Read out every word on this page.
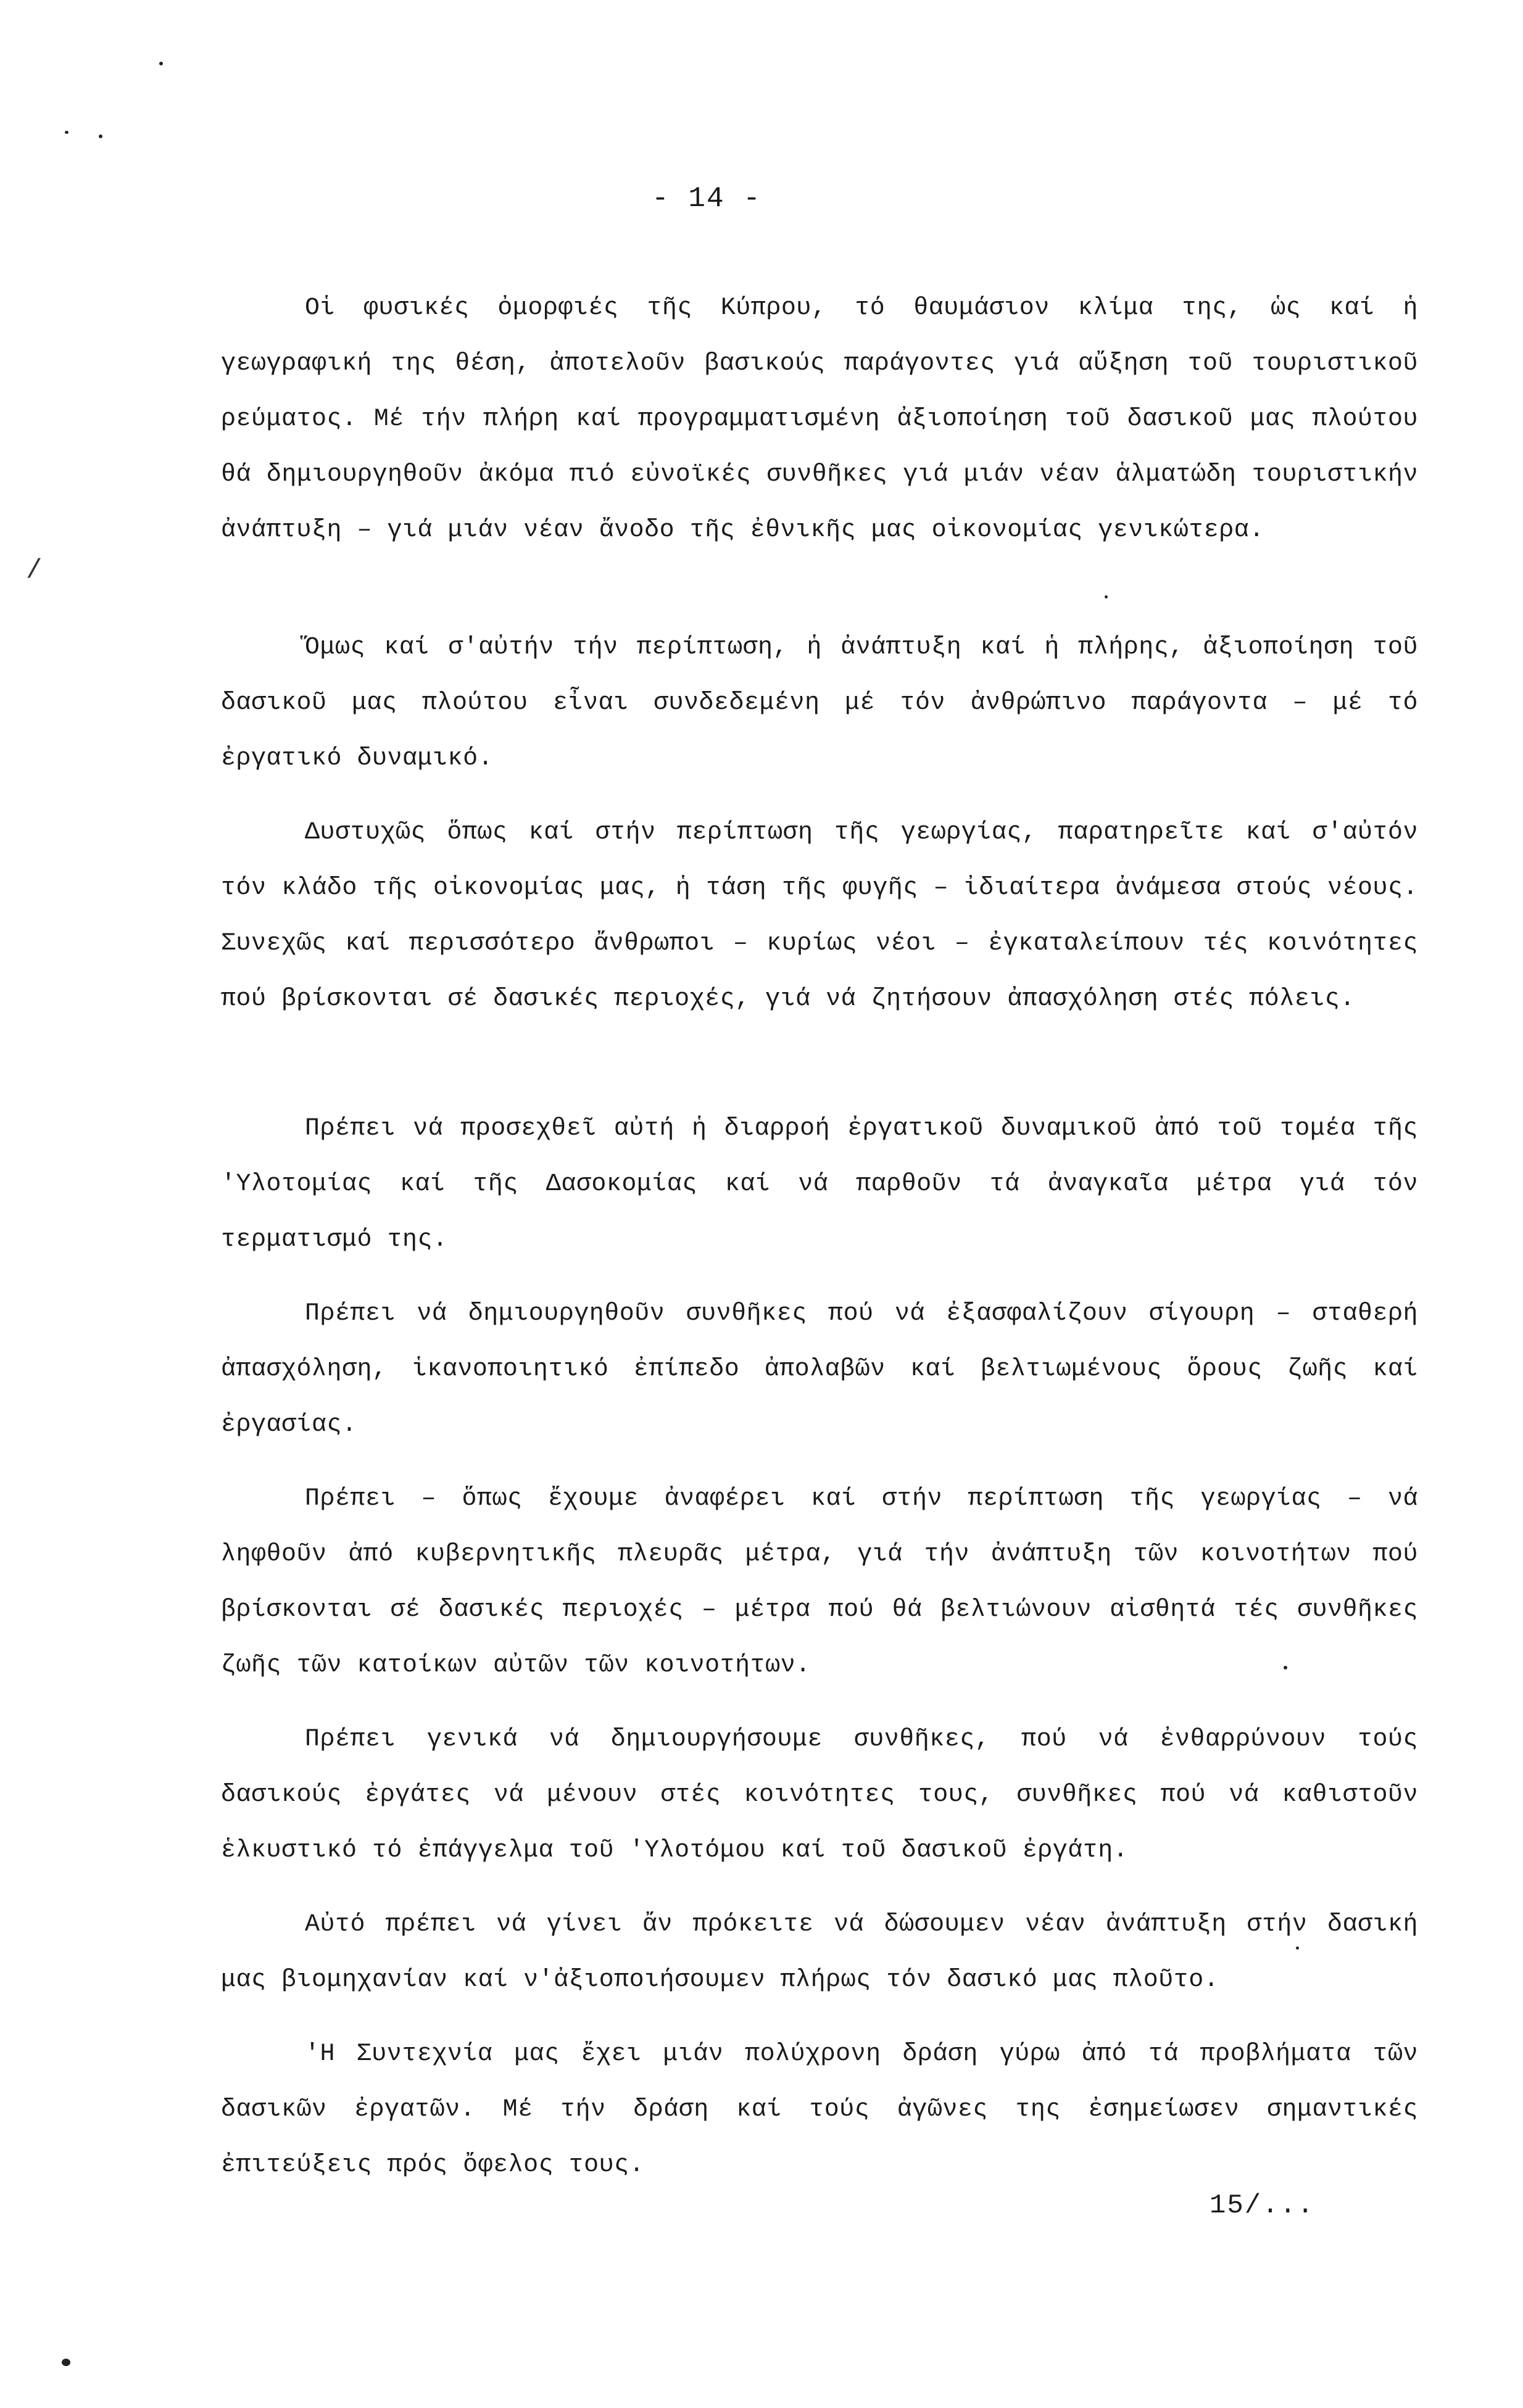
- 14 -
/

Οἱ φυσικές ὀμορφιές τῆς Κύπρου, τό θαυμάσιον κλίμα της, ὡς καί ἡ γεωγραφική της θέση, ἀποτελοῦν βασικούς παράγοντες γιά αὔξηση τοῦ τουριστικοῦ ρεύματος. Μέ τήν πλήρη καί προγραμματισμένη ἀξιοποίηση τοῦ δασικοῦ μας πλούτου θά δημιουργηθοῦν ἀκόμα πιό εὐνοϊκές συνθῆκες γιά μιάν νέαν ἁλματώδη τουριστικήν ἀνάπτυξη – γιά μιάν νέαν ἄνοδο τῆς ἐθνικῆς μας οἰκονομίας γενικώτερα.

Ὅμως καί σ'αὐτήν τήν περίπτωση, ἡ ἀνάπτυξη καί ἡ πλήρης, ἀξιοποίηση τοῦ δασικοῦ μας πλούτου εἶναι συνδεδεμένη μέ τόν ἀνθρώπινο παράγοντα – μέ τό ἐργατικό δυναμικό.

Δυστυχῶς ὅπως καί στήν περίπτωση τῆς γεωργίας, παρατηρεῖτε καί σ'αὐτόν τόν κλάδο τῆς οἰκονομίας μας, ἡ τάση τῆς φυγῆς – ἰδιαίτερα ἀνάμεσα στούς νέους. Συνεχῶς καί περισσότερο ἄνθρωποι – κυρίως νέοι – ἐγκαταλείπουν τές κοινότητες πού βρίσκονται σέ δασικές περιοχές, γιά νά ζητήσουν ἀπασχόληση στές πόλεις.

Πρέπει νά προσεχθεῖ αὐτή ἡ διαρροή ἐργατικοῦ δυναμικοῦ ἀπό τοῦ τομέα τῆς 'Υλοτομίας καί τῆς Δασοκομίας καί νά παρθοῦν τά ἀναγκαῖα μέτρα γιά τόν τερματισμό της.

Πρέπει νά δημιουργηθοῦν συνθῆκες πού νά ἐξασφαλίζουν σίγουρη – σταθερή ἀπασχόληση, ἱκανοποιητικό ἐπίπεδο ἀπολαβῶν καί βελτιωμένους ὅρους ζωῆς καί ἐργασίας.

Πρέπει – ὅπως ἔχουμε ἀναφέρει καί στήν περίπτωση τῆς γεωργίας – νά ληφθοῦν ἀπό κυβερνητικῆς πλευρᾶς μέτρα, γιά τήν ἀνάπτυξη τῶν κοινοτήτων πού βρίσκονται σέ δασικές περιοχές – μέτρα πού θά βελτιώνουν αἰσθητά τές συνθῆκες ζωῆς τῶν κατοίκων αὐτῶν τῶν κοινοτήτων.

Πρέπει γενικά νά δημιουργήσουμε συνθῆκες, πού νά ἐνθαρρύνουν τούς δασικούς ἐργάτες νά μένουν στές κοινότητες τους, συνθῆκες πού νά καθιστοῦν ἑλκυστικό τό ἐπάγγελμα τοῦ 'Υλοτόμου καί τοῦ δασικοῦ ἐργάτη.

Αὐτό πρέπει νά γίνει ἄν πρόκειτε νά δώσουμεν νέαν ἀνάπτυξη στήν δασική μας βιομηχανίαν καί ν'ἀξιοποιήσουμεν πλήρως τόν δασικό μας πλοῦτο.

'Η Συντεχνία μας ἔχει μιάν πολύχρονη δράση γύρω ἀπό τά προβλήματα τῶν δασικῶν ἐργατῶν. Μέ τήν δράση καί τούς ἀγῶνες της ἐσημείωσεν σημαντικές ἐπιτεύξεις πρός ὄφελος τους.

15/...
